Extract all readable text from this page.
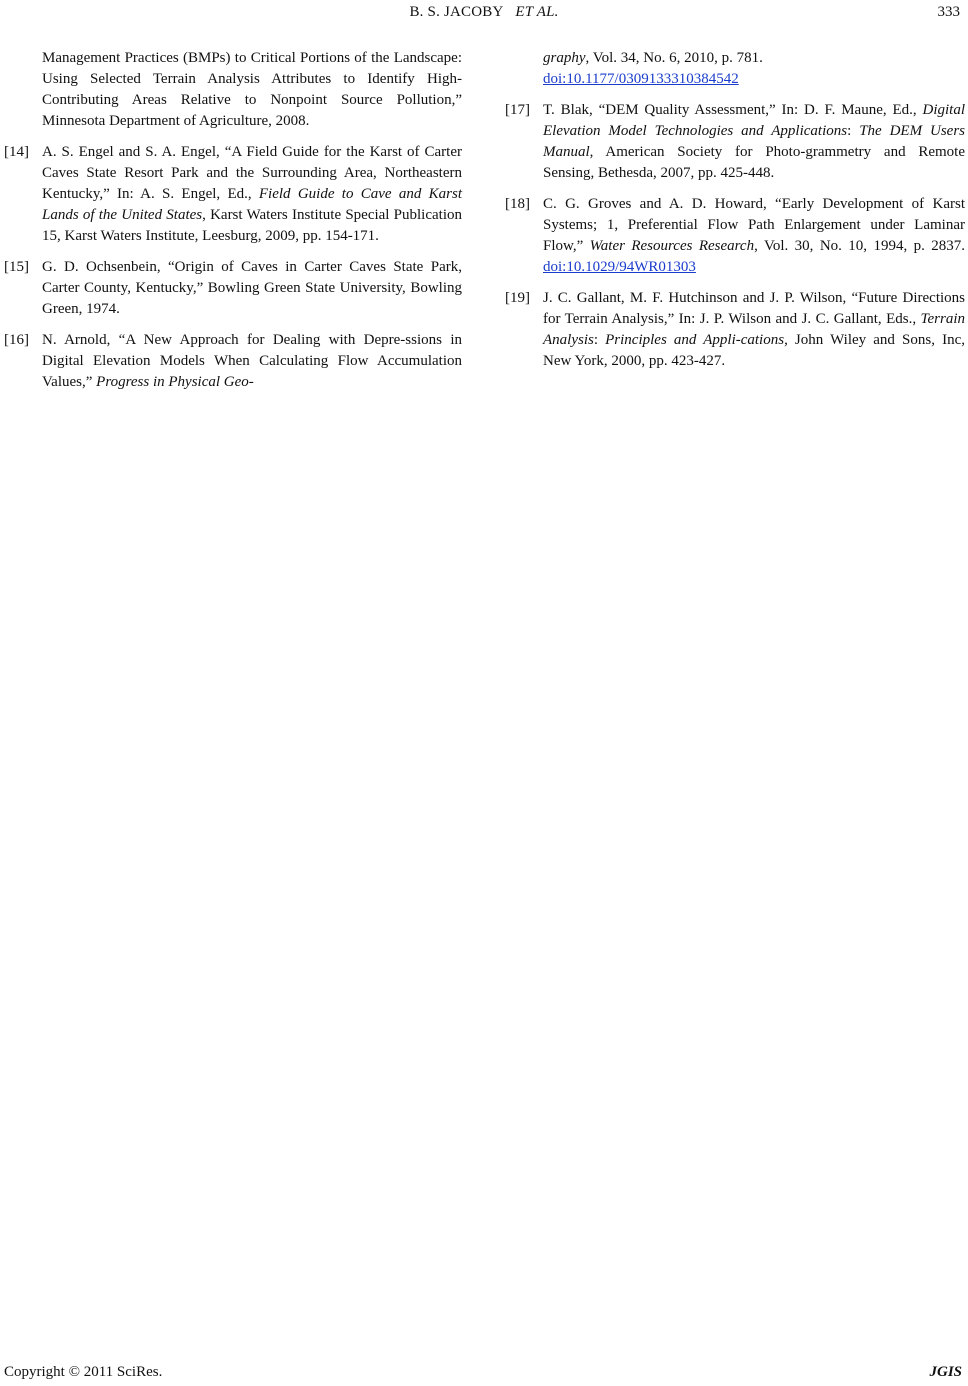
B. S. JACOBY ET AL.	333
Management Practices (BMPs) to Critical Portions of the Landscape: Using Selected Terrain Analysis Attributes to Identify High-Contributing Areas Relative to Nonpoint Source Pollution,” Minnesota Department of Agriculture, 2008.
[14] A. S. Engel and S. A. Engel, “A Field Guide for the Karst of Carter Caves State Resort Park and the Surrounding Area, Northeastern Kentucky,” In: A. S. Engel, Ed., Field Guide to Cave and Karst Lands of the United States, Karst Waters Institute Special Publication 15, Karst Waters Institute, Leesburg, 2009, pp. 154-171.
[15] G. D. Ochsenbein, “Origin of Caves in Carter Caves State Park, Carter County, Kentucky,” Bowling Green State University, Bowling Green, 1974.
[16] N. Arnold, “A New Approach for Dealing with Depre-ssions in Digital Elevation Models When Calculating Flow Accumulation Values,” Progress in Physical Geo-
graphy, Vol. 34, No. 6, 2010, p. 781.
doi:10.1177/0309133310384542
[17] T. Blak, “DEM Quality Assessment,” In: D. F. Maune, Ed., Digital Elevation Model Technologies and Applications: The DEM Users Manual, American Society for Photo-grammetry and Remote Sensing, Bethesda, 2007, pp. 425-448.
[18] C. G. Groves and A. D. Howard, “Early Development of Karst Systems; 1, Preferential Flow Path Enlargement under Laminar Flow,” Water Resources Research, Vol. 30, No. 10, 1994, p. 2837. doi:10.1029/94WR01303
[19] J. C. Gallant, M. F. Hutchinson and J. P. Wilson, “Future Directions for Terrain Analysis,” In: J. P. Wilson and J. C. Gallant, Eds., Terrain Analysis: Principles and Appli-cations, John Wiley and Sons, Inc, New York, 2000, pp. 423-427.
Copyright © 2011 SciRes.	JGIS
